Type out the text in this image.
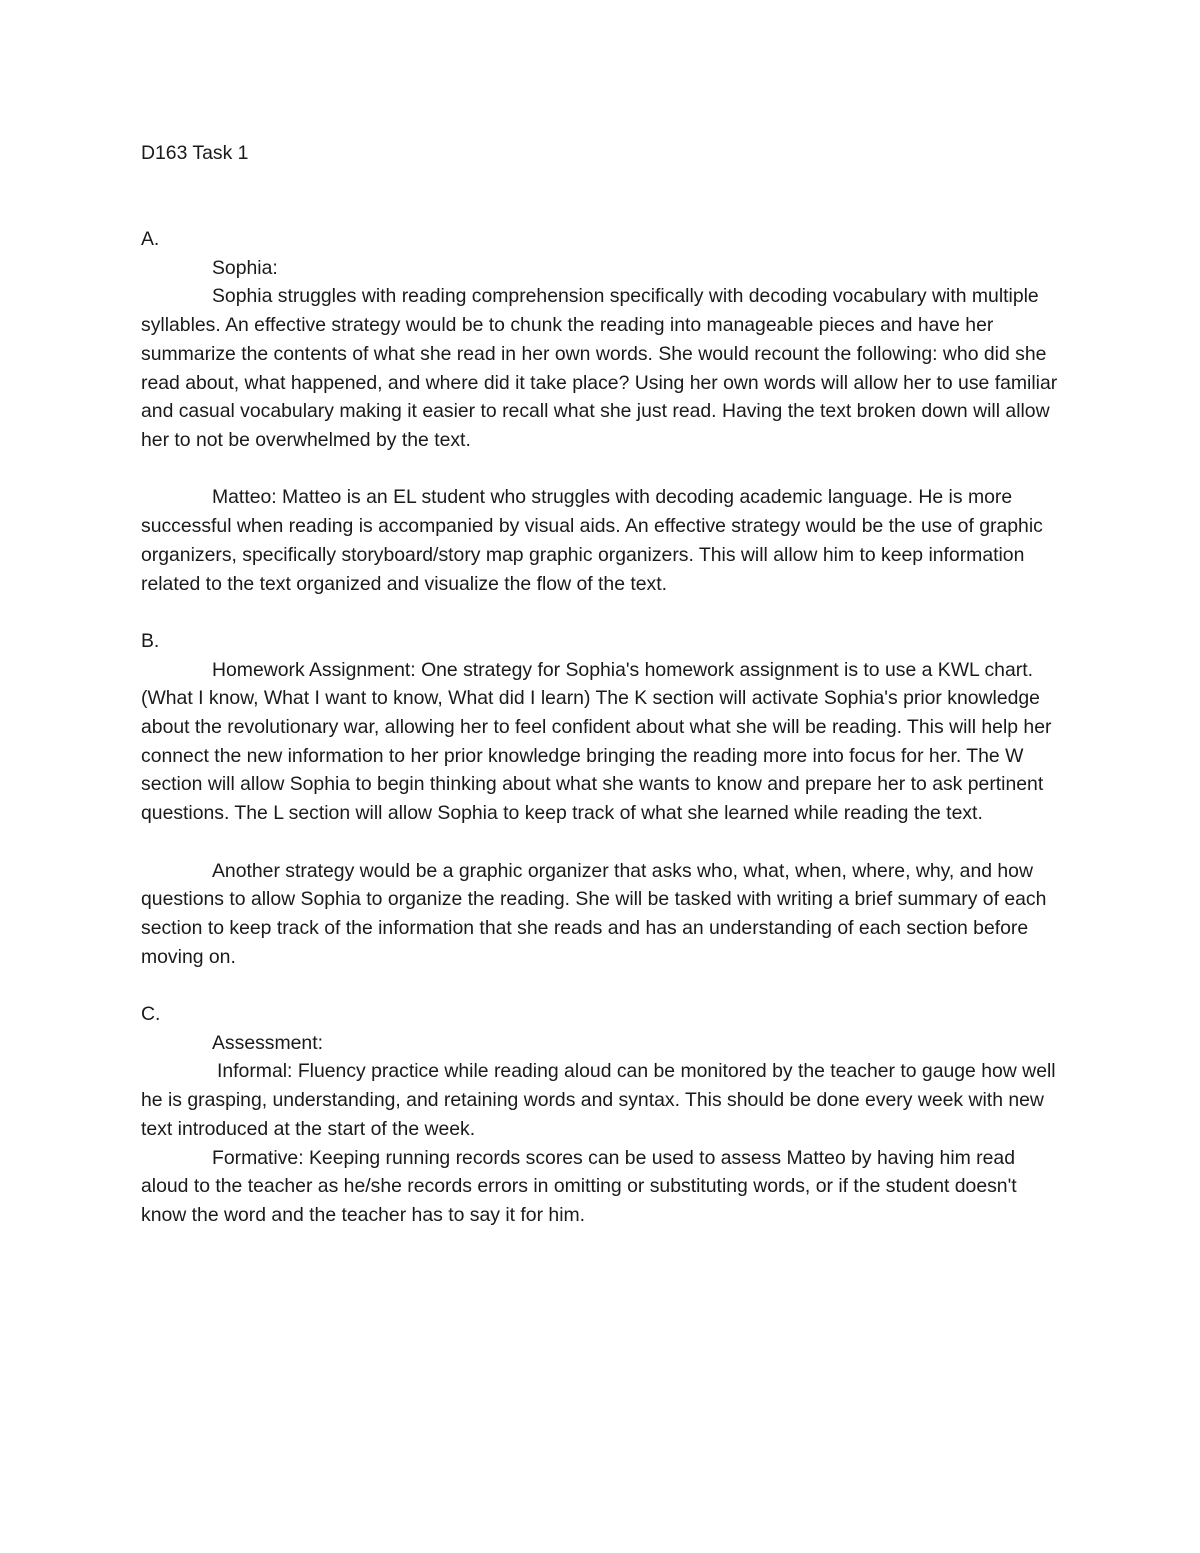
D163 Task 1
A.
Sophia:

Sophia struggles with reading comprehension specifically with decoding vocabulary with multiple syllables. An effective strategy would be to chunk the reading into manageable pieces and have her summarize the contents of what she read in her own words. She would recount the following: who did she read about, what happened, and where did it take place? Using her own words will allow her to use familiar and casual vocabulary making it easier to recall what she just read. Having the text broken down will allow her to not be overwhelmed by the text.

Matteo: Matteo is an EL student who struggles with decoding academic language. He is more successful when reading is accompanied by visual aids. An effective strategy would be the use of graphic organizers, specifically storyboard/story map graphic organizers. This will allow him to keep information related to the text organized and visualize the flow of the text.

B.

Homework Assignment: One strategy for Sophia's homework assignment is to use a KWL chart. (What I know, What I want to know, What did I learn) The K section will activate Sophia's prior knowledge about the revolutionary war, allowing her to feel confident about what she will be reading. This will help her connect the new information to her prior knowledge bringing the reading more into focus for her. The W section will allow Sophia to begin thinking about what she wants to know and prepare her to ask pertinent questions. The L section will allow Sophia to keep track of what she learned while reading the text.

Another strategy would be a graphic organizer that asks who, what, when, where, why, and how questions to allow Sophia to organize the reading. She will be tasked with writing a brief summary of each section to keep track of the information that she reads and has an understanding of each section before moving on.

C.
Assessment:

Informal: Fluency practice while reading aloud can be monitored by the teacher to gauge how well he is grasping, understanding, and retaining words and syntax. This should be done every week with new text introduced at the start of the week.

Formative: Keeping running records scores can be used to assess Matteo by having him read aloud to the teacher as he/she records errors in omitting or substituting words, or if the student doesn't know the word and the teacher has to say it for him.
